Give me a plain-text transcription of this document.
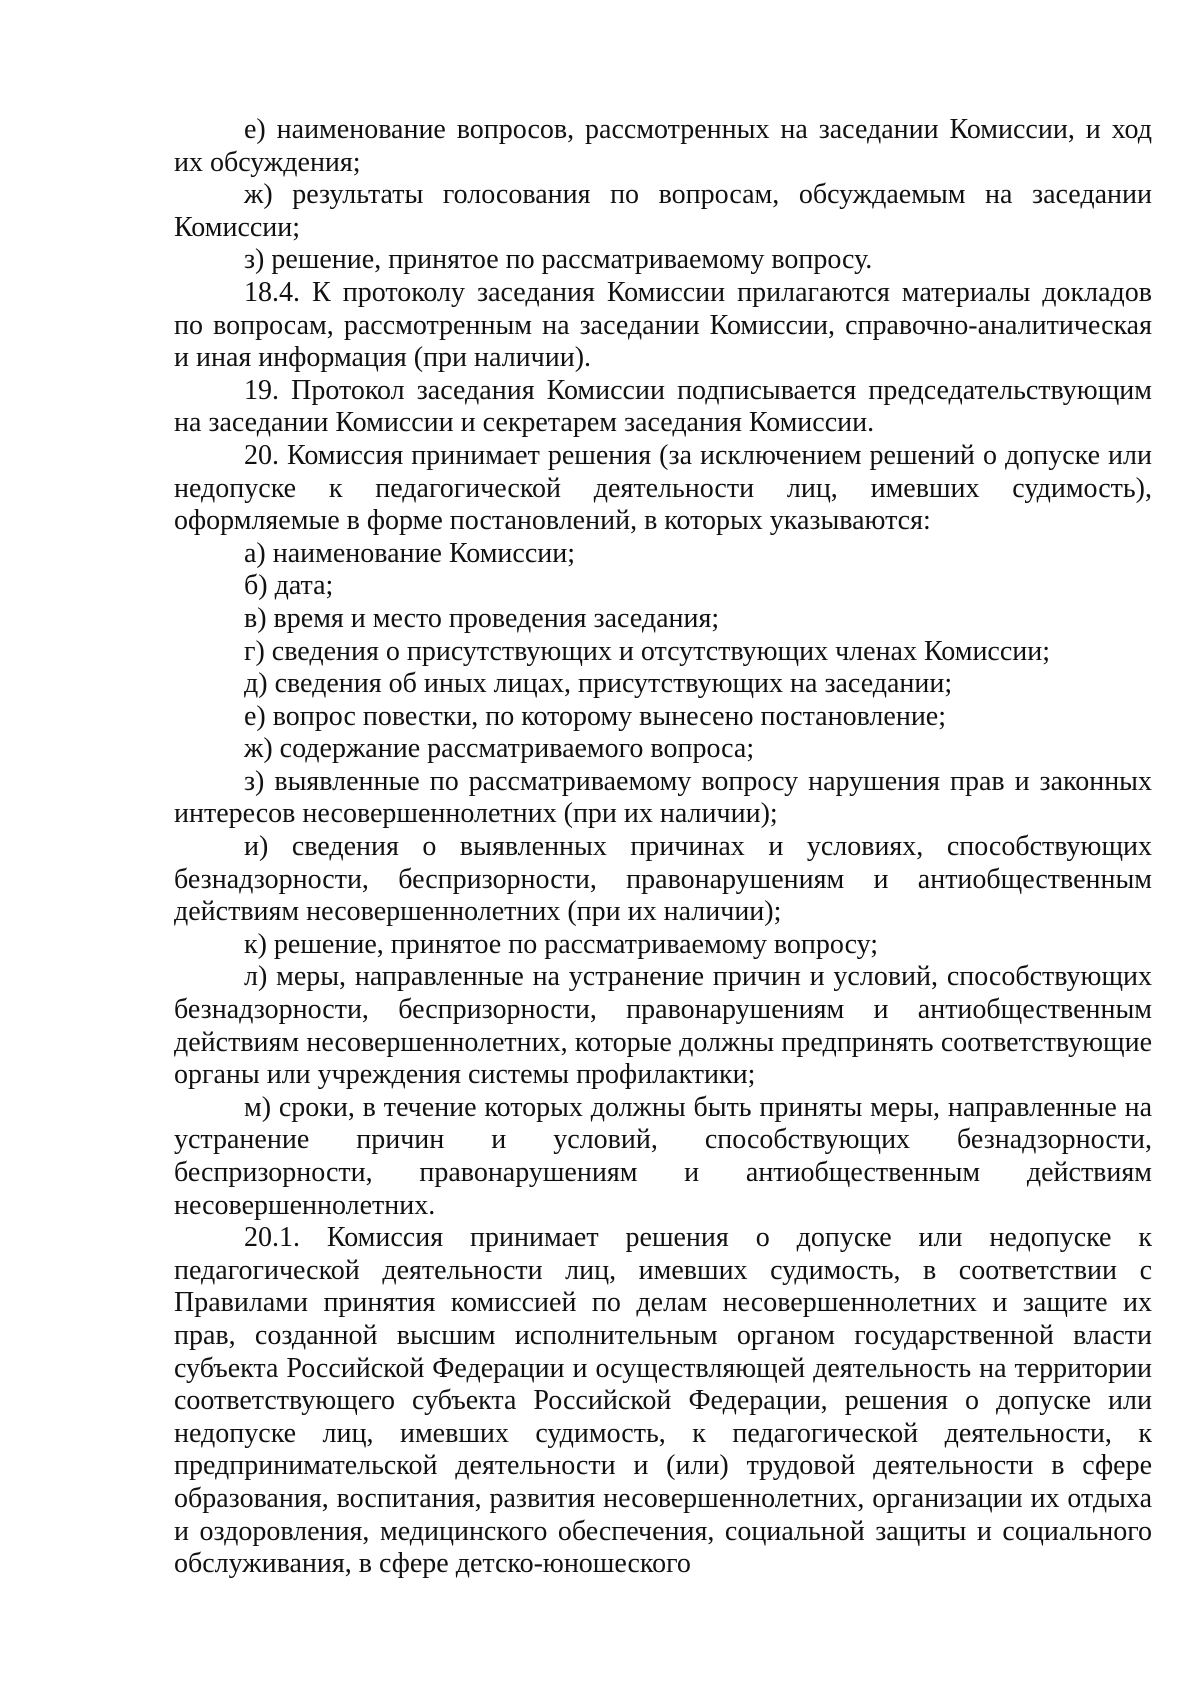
е) наименование вопросов, рассмотренных на заседании Комиссии, и ход их обсуждения;

ж) результаты голосования по вопросам, обсуждаемым на заседании Комиссии;

з) решение, принятое по рассматриваемому вопросу.

18.4. К протоколу заседания Комиссии прилагаются материалы докладов по вопросам, рассмотренным на заседании Комиссии, справочно-аналитическая и иная информация (при наличии).

19. Протокол заседания Комиссии подписывается председательствующим на заседании Комиссии и секретарем заседания Комиссии.

20. Комиссия принимает решения (за исключением решений о допуске или недопуске к педагогической деятельности лиц, имевших судимость), оформляемые в форме постановлений, в которых указываются:

а) наименование Комиссии;

б) дата;

в) время и место проведения заседания;

г) сведения о присутствующих и отсутствующих членах Комиссии;

д) сведения об иных лицах, присутствующих на заседании;

е) вопрос повестки, по которому вынесено постановление;

ж) содержание рассматриваемого вопроса;

з) выявленные по рассматриваемому вопросу нарушения прав и законных интересов несовершеннолетних (при их наличии);

и) сведения о выявленных причинах и условиях, способствующих безнадзорности, беспризорности, правонарушениям и антиобщественным действиям несовершеннолетних (при их наличии);

к) решение, принятое по рассматриваемому вопросу;

л) меры, направленные на устранение причин и условий, способствующих безнадзорности, беспризорности, правонарушениям и антиобщественным действиям несовершеннолетних, которые должны предпринять соответствующие органы или учреждения системы профилактики;

м) сроки, в течение которых должны быть приняты меры, направленные на устранение причин и условий, способствующих безнадзорности, беспризорности, правонарушениям и антиобщественным действиям несовершеннолетних.

20.1. Комиссия принимает решения о допуске или недопуске к педагогической деятельности лиц, имевших судимость, в соответствии с Правилами принятия комиссией по делам несовершеннолетних и защите их прав, созданной высшим исполнительным органом государственной власти субъекта Российской Федерации и осуществляющей деятельность на территории соответствующего субъекта Российской Федерации, решения о допуске или недопуске лиц, имевших судимость, к педагогической деятельности, к предпринимательской деятельности и (или) трудовой деятельности в сфере образования, воспитания, развития несовершеннолетних, организации их отдыха и оздоровления, медицинского обеспечения, социальной защиты и социального обслуживания, в сфере детско-юношеского
